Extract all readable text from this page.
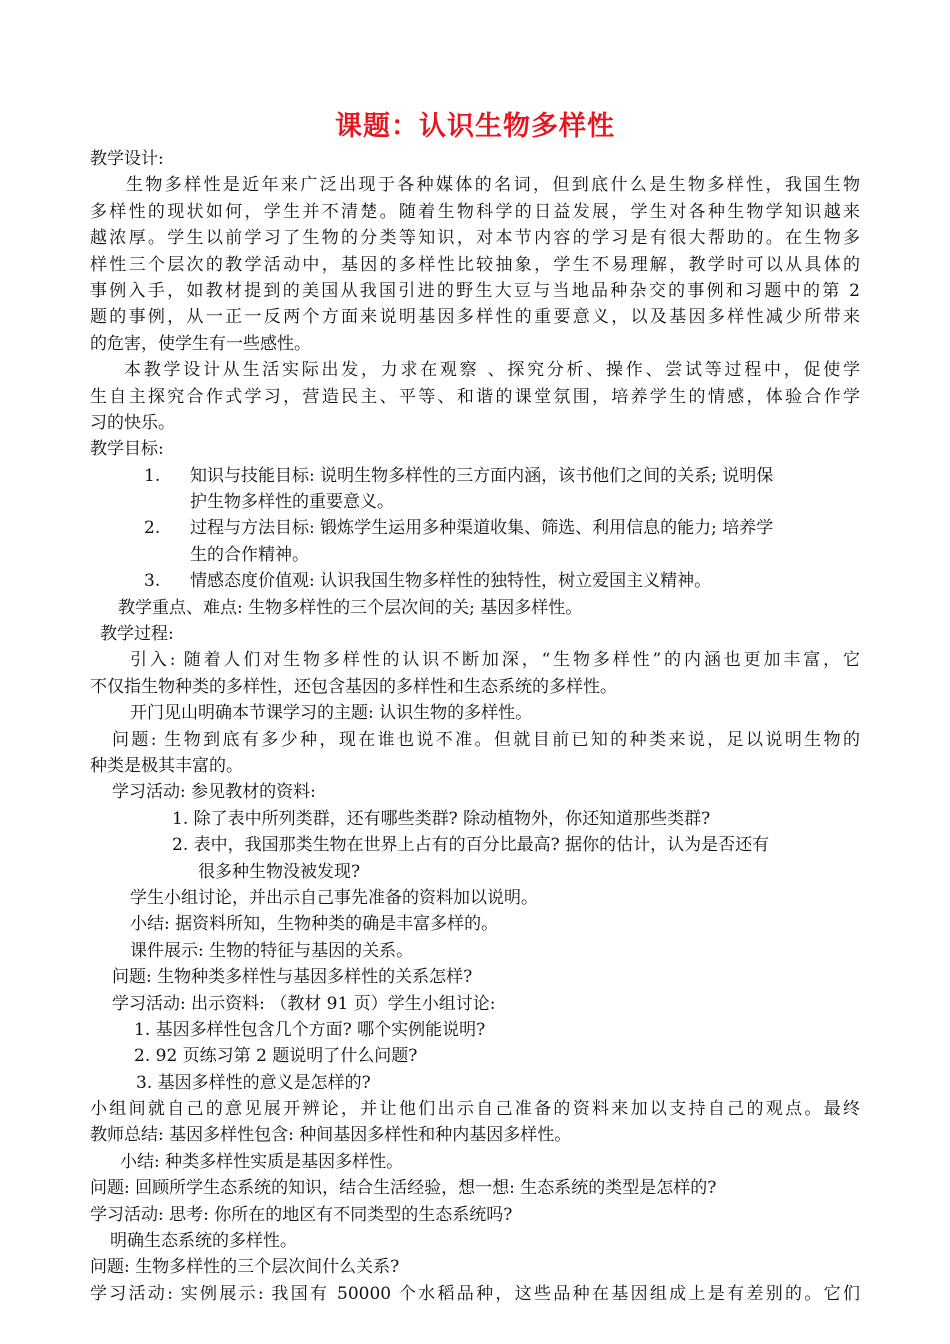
课题：认识生物多样性
教学设计:
生物多样性是近年来广泛出现于各种媒体的名词，但到底什么是生物多样性，我国生物
多样性的现状如何，学生并不清楚。随着生物科学的日益发展，学生对各种生物学知识越来
越浓厚。学生以前学习了生物的分类等知识，对本节内容的学习是有很大帮助的。在生物多
样性三个层次的教学活动中，基因的多样性比较抽象，学生不易理解，教学时可以从具体的
事例入手，如教材提到的美国从我国引进的野生大豆与当地品种杂交的事例和习题中的第 2
题的事例，从一正一反两个方面来说明基因多样性的重要意义，以及基因多样性减少所带来
的危害，使学生有一些感性。
本教学设计从生活实际出发，力求在观察 、探究分析、操作、尝试等过程中，促使学
生自主探究合作式学习，营造民主、平等、和谐的课堂氛围，培养学生的情感，体验合作学
习的快乐。
教学目标:
1. 知识与技能目标: 说明生物多样性的三方面内涵，该书他们之间的关系; 说明保
护生物多样性的重要意义。
2. 过程与方法目标: 锻炼学生运用多种渠道收集、筛选、利用信息的能力; 培养学
生的合作精神。
3. 情感态度价值观: 认识我国生物多样性的独特性，树立爱国主义精神。
教学重点、难点: 生物多样性的三个层次间的关; 基因多样性。
教学过程:
引入: 随着人们对生物多样性的认识不断加深，“生物多样性”的内涵也更加丰富，它
不仅指生物种类的多样性，还包含基因的多样性和生态系统的多样性。
开门见山明确本节课学习的主题: 认识生物的多样性。
问题: 生物到底有多少种，现在谁也说不准。但就目前已知的种类来说，足以说明生物的
种类是极其丰富的。
学习活动: 参见教材的资料:
1. 除了表中所列类群，还有哪些类群? 除动植物外，你还知道那些类群?
2. 表中，我国那类生物在世界上占有的百分比最高? 据你的估计，认为是否还有
很多种生物没被发现?
学生小组讨论，并出示自己事先准备的资料加以说明。
小结: 据资料所知，生物种类的确是丰富多样的。
课件展示: 生物的特征与基因的关系。
问题: 生物种类多样性与基因多样性的关系怎样?
学习活动: 出示资料: （教材 91 页）学生小组讨论:
1. 基因多样性包含几个方面? 哪个实例能说明?
2. 92 页练习第 2 题说明了什么问题?
3. 基因多样性的意义是怎样的?
小组间就自己的意见展开辨论，并让他们出示自己准备的资料来加以支持自己的观点。最终
教师总结: 基因多样性包含: 种间基因多样性和种内基因多样性。
小结: 种类多样性实质是基因多样性。
问题: 回顾所学生态系统的知识，结合生活经验，想一想: 生态系统的类型是怎样的?
学习活动: 思考: 你所在的地区有不同类型的生态系统吗?
明确生态系统的多样性。
问题: 生物多样性的三个层次间什么关系?
学习活动: 实例展示: 我国有 50000 个水稻品种，这些品种在基因组成上是有差别的。它们
